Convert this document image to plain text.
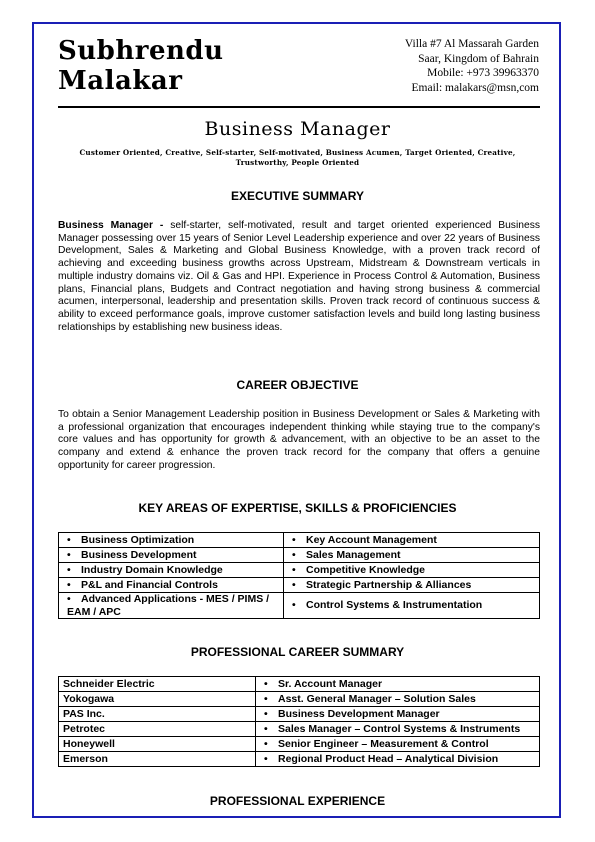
Subhrendu
Malakar
Villa #7 Al Massarah Garden
Saar, Kingdom of Bahrain
Mobile: +973 39963370
Email: malakars@msn,com
Business Manager
Customer Oriented, Creative, Self-starter, Self-motivated, Business Acumen, Target Oriented, Creative, Trustworthy, People Oriented
EXECUTIVE SUMMARY
Business Manager - self-starter, self-motivated, result and target oriented experienced Business Manager possessing over 15 years of Senior Level Leadership experience and over 22 years of Business Development, Sales & Marketing and Global Business Knowledge, with a proven track record of achieving and exceeding business growths across Upstream, Midstream & Downstream verticals in multiple industry domains viz. Oil & Gas and HPI. Experience in Process Control & Automation, Business plans, Financial plans, Budgets and Contract negotiation and having strong business & commercial acumen, interpersonal, leadership and presentation skills. Proven track record of continuous success & ability to exceed performance goals, improve customer satisfaction levels and build long lasting business relationships by establishing new business ideas.
CAREER OBJECTIVE
To obtain a Senior Management Leadership position in Business Development or Sales & Marketing with a professional organization that encourages independent thinking while staying true to the company's core values and has opportunity for growth & advancement, with an objective to be an asset to the company and extend & enhance the proven track record for the company that offers a genuine opportunity for career progression.
KEY AREAS OF EXPERTISE, SKILLS & PROFICIENCIES
• Business Optimization	• Key Account Management
• Business Development	• Sales Management
• Industry Domain Knowledge	• Competitive Knowledge
• P&L and Financial Controls	• Strategic Partnership & Alliances
• Advanced Applications - MES / PIMS / EAM / APC	• Control Systems & Instrumentation
PROFESSIONAL CAREER SUMMARY
Schneider Electric	• Sr. Account Manager
Yokogawa	• Asst. General Manager – Solution Sales
PAS Inc.	• Business Development Manager
Petrotec	• Sales Manager – Control Systems & Instruments
Honeywell	• Senior Engineer – Measurement & Control
Emerson	• Regional Product Head – Analytical Division
PROFESSIONAL EXPERIENCE
